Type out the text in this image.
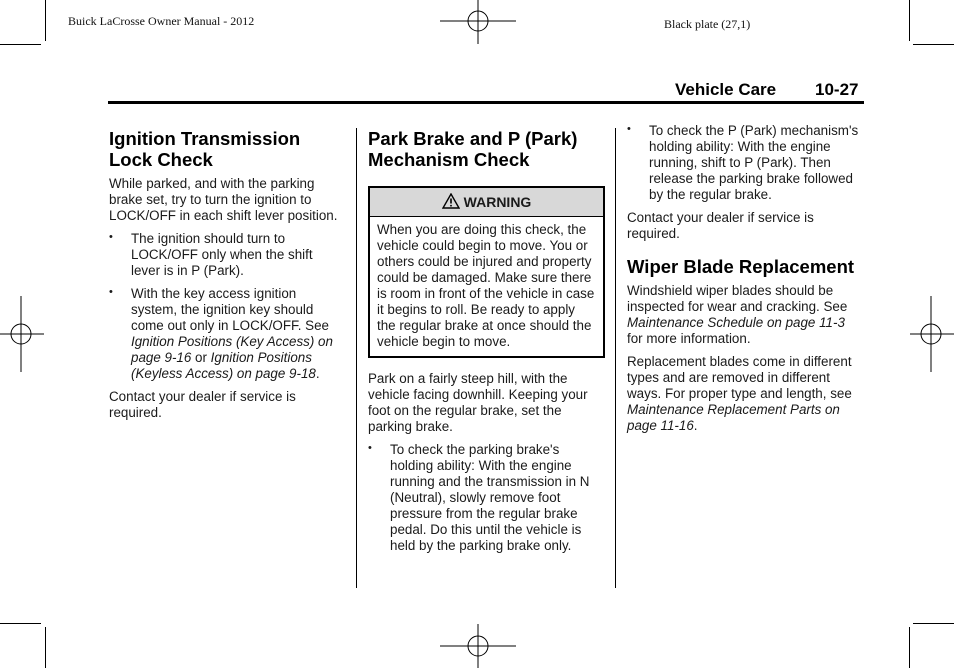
Buick LaCrosse Owner Manual - 2012	Black plate (27,1)
Vehicle Care 10-27
Ignition Transmission Lock Check

While parked, and with the parking brake set, try to turn the ignition to LOCK/OFF in each shift lever position.

• The ignition should turn to LOCK/OFF only when the shift lever is in P (Park).
• With the key access ignition system, the ignition key should come out only in LOCK/OFF. See Ignition Positions (Key Access) on page 9-16 or Ignition Positions (Keyless Access) on page 9-18.

Contact your dealer if service is required.

Park Brake and P (Park) Mechanism Check
WARNING
When you are doing this check, the vehicle could begin to move. You or others could be injured and property could be damaged. Make sure there is room in front of the vehicle in case it begins to roll. Be ready to apply the regular brake at once should the vehicle begin to move.

Park on a fairly steep hill, with the vehicle facing downhill. Keeping your foot on the regular brake, set the parking brake.

• To check the parking brake's holding ability: With the engine running and the transmission in N (Neutral), slowly remove foot pressure from the regular brake pedal. Do this until the vehicle is held by the parking brake only.
• To check the P (Park) mechanism's holding ability: With the engine running, shift to P (Park). Then release the parking brake followed by the regular brake.

Contact your dealer if service is required.

Wiper Blade Replacement

Windshield wiper blades should be inspected for wear and cracking. See Maintenance Schedule on page 11-3 for more information.

Replacement blades come in different types and are removed in different ways. For proper type and length, see Maintenance Replacement Parts on page 11-16.
